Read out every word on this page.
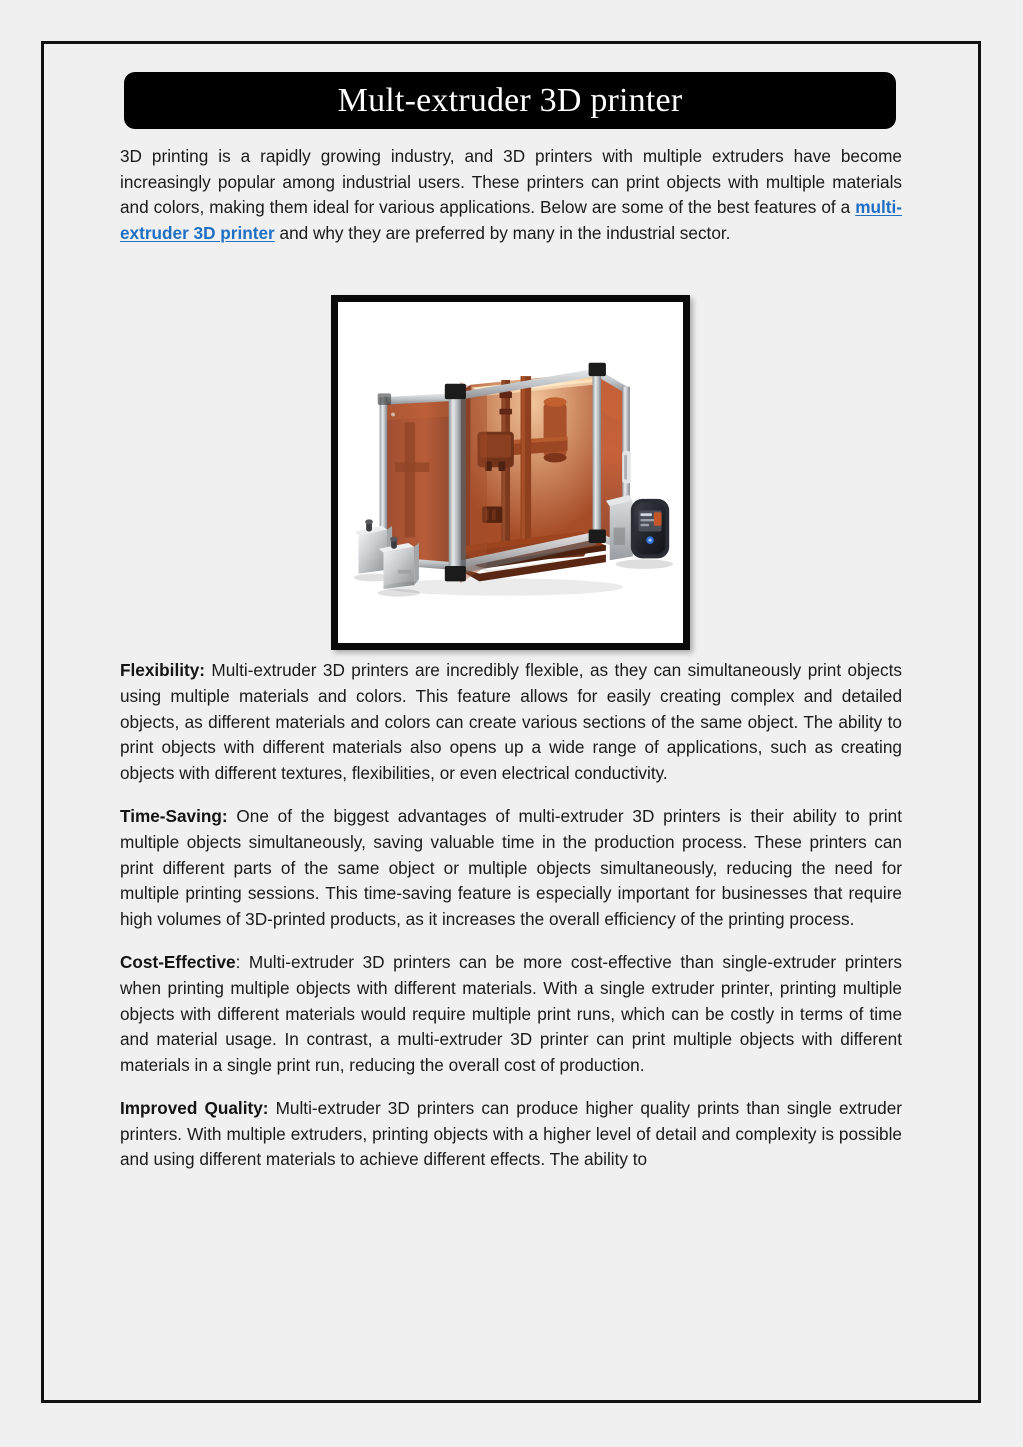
Mult-extruder 3D printer

3D printing is a rapidly growing industry, and 3D printers with multiple extruders have become increasingly popular among industrial users. These printers can print objects with multiple materials and colors, making them ideal for various applications. Below are some of the best features of a multi-extruder 3D printer and why they are preferred by many in the industrial sector.

Flexibility: Multi-extruder 3D printers are incredibly flexible, as they can simultaneously print objects using multiple materials and colors. This feature allows for easily creating complex and detailed objects, as different materials and colors can create various sections of the same object. The ability to print objects with different materials also opens up a wide range of applications, such as creating objects with different textures, flexibilities, or even electrical conductivity.

Time-Saving: One of the biggest advantages of multi-extruder 3D printers is their ability to print multiple objects simultaneously, saving valuable time in the production process. These printers can print different parts of the same object or multiple objects simultaneously, reducing the need for multiple printing sessions. This time-saving feature is especially important for businesses that require high volumes of 3D-printed products, as it increases the overall efficiency of the printing process.

Cost-Effective: Multi-extruder 3D printers can be more cost-effective than single-extruder printers when printing multiple objects with different materials. With a single extruder printer, printing multiple objects with different materials would require multiple print runs, which can be costly in terms of time and material usage. In contrast, a multi-extruder 3D printer can print multiple objects with different materials in a single print run, reducing the overall cost of production.

Improved Quality: Multi-extruder 3D printers can produce higher quality prints than single extruder printers. With multiple extruders, printing objects with a higher level of detail and complexity is possible and using different materials to achieve different effects. The ability to
